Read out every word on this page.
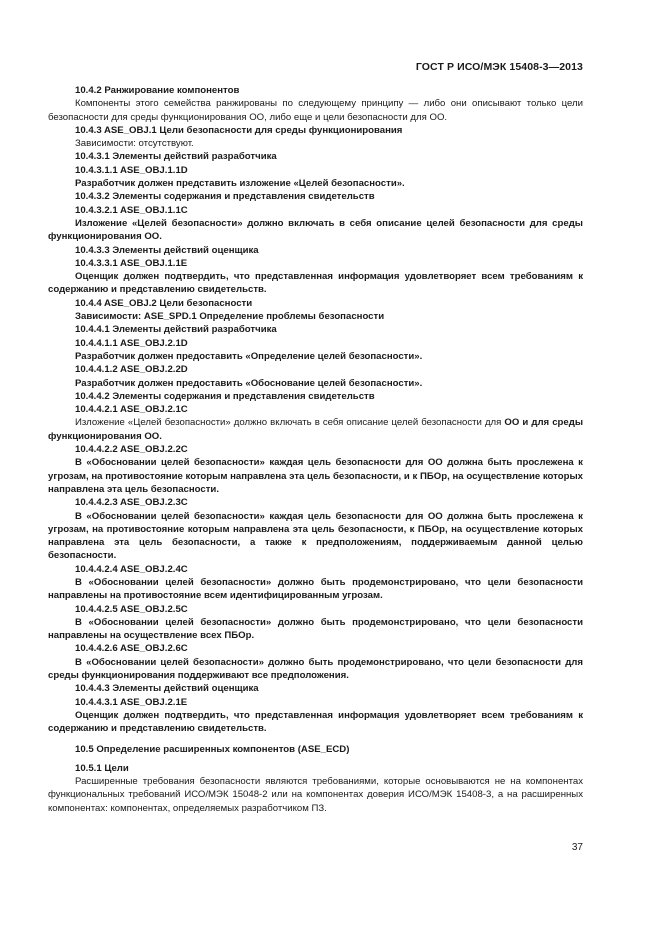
ГОСТ Р ИСО/МЭК 15408-3—2013

10.4.2 Ранжирование компонентов

Компоненты этого семейства ранжированы по следующему принципу — либо они описывают только цели безопасности для среды функционирования ОО, либо еще и цели безопасности для ОО.

10.4.3 ASE_OBJ.1 Цели безопасности для среды функционирования

Зависимости: отсутствуют.

10.4.3.1 Элементы действий разработчика

10.4.3.1.1 ASE_OBJ.1.1D

Разработчик должен представить изложение «Целей безопасности».

10.4.3.2 Элементы содержания и представления свидетельств

10.4.3.2.1 ASE_OBJ.1.1C

Изложение «Целей безопасности» должно включать в себя описание целей безопасности для среды функционирования ОО.

10.4.3.3 Элементы действий оценщика

10.4.3.3.1 ASE_OBJ.1.1E

Оценщик должен подтвердить, что представленная информация удовлетворяет всем требованиям к содержанию и представлению свидетельств.

10.4.4 ASE_OBJ.2 Цели безопасности

Зависимости: ASE_SPD.1 Определение проблемы безопасности

10.4.4.1 Элементы действий разработчика

10.4.4.1.1 ASE_OBJ.2.1D

Разработчик должен предоставить «Определение целей безопасности».

10.4.4.1.2 ASE_OBJ.2.2D

Разработчик должен предоставить «Обоснование целей безопасности».

10.4.4.2 Элементы содержания и представления свидетельств

10.4.4.2.1 ASE_OBJ.2.1C

Изложение «Целей безопасности» должно включать в себя описание целей безопасности для ОО и для среды функционирования ОО.

10.4.4.2.2 ASE_OBJ.2.2C

В «Обосновании целей безопасности» каждая цель безопасности для ОО должна быть прослежена к угрозам, на противостояние которым направлена эта цель безопасности, и к ПБОр, на осуществление которых направлена эта цель безопасности.

10.4.4.2.3 ASE_OBJ.2.3C

В «Обосновании целей безопасности» каждая цель безопасности для ОО должна быть прослежена к угрозам, на противостояние которым направлена эта цель безопасности, к ПБОр, на осуществление которых направлена эта цель безопасности, а также к предположениям, поддерживаемым данной целью безопасности.

10.4.4.2.4 ASE_OBJ.2.4C

В «Обосновании целей безопасности» должно быть продемонстрировано, что цели безопасности направлены на противостояние всем идентифицированным угрозам.

10.4.4.2.5 ASE_OBJ.2.5C

В «Обосновании целей безопасности» должно быть продемонстрировано, что цели безопасности направлены на осуществление всех ПБОр.

10.4.4.2.6 ASE_OBJ.2.6C

В «Обосновании целей безопасности» должно быть продемонстрировано, что цели безопасности для среды функционирования поддерживают все предположения.

10.4.4.3 Элементы действий оценщика

10.4.4.3.1 ASE_OBJ.2.1E

Оценщик должен подтвердить, что представленная информация удовлетворяет всем требованиям к содержанию и представлению свидетельств.

10.5 Определение расширенных компонентов (ASE_ECD)

10.5.1 Цели

Расширенные требования безопасности являются требованиями, которые основываются не на компонентах функциональных требований ИСО/МЭК 15048-2 или на компонентах доверия ИСО/МЭК 15408-3, а на расширенных компонентах: компонентах, определяемых разработчиком ПЗ.

37
